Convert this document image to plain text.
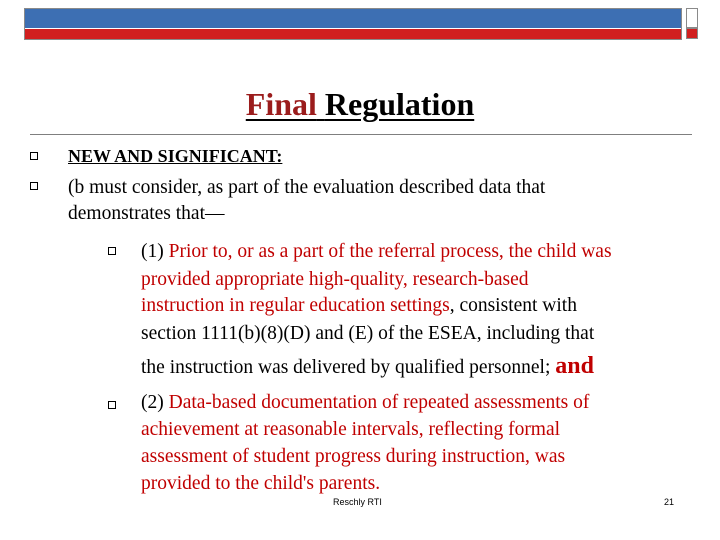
Final Regulation
NEW AND SIGNIFICANT:
(b must consider, as part of the evaluation described data that
demonstrates that—
(1) Prior to, or as a part of the referral process, the child was
provided appropriate high-quality, research-based
instruction in regular education settings, consistent with
section 1111(b)(8)(D) and (E) of the ESEA, including that
the instruction was delivered by qualified personnel; and
(2) Data-based documentation of repeated assessments of
achievement at reasonable intervals, reflecting formal
assessment of student progress during instruction, was
provided to the child's parents.
Reschly RTI	21
